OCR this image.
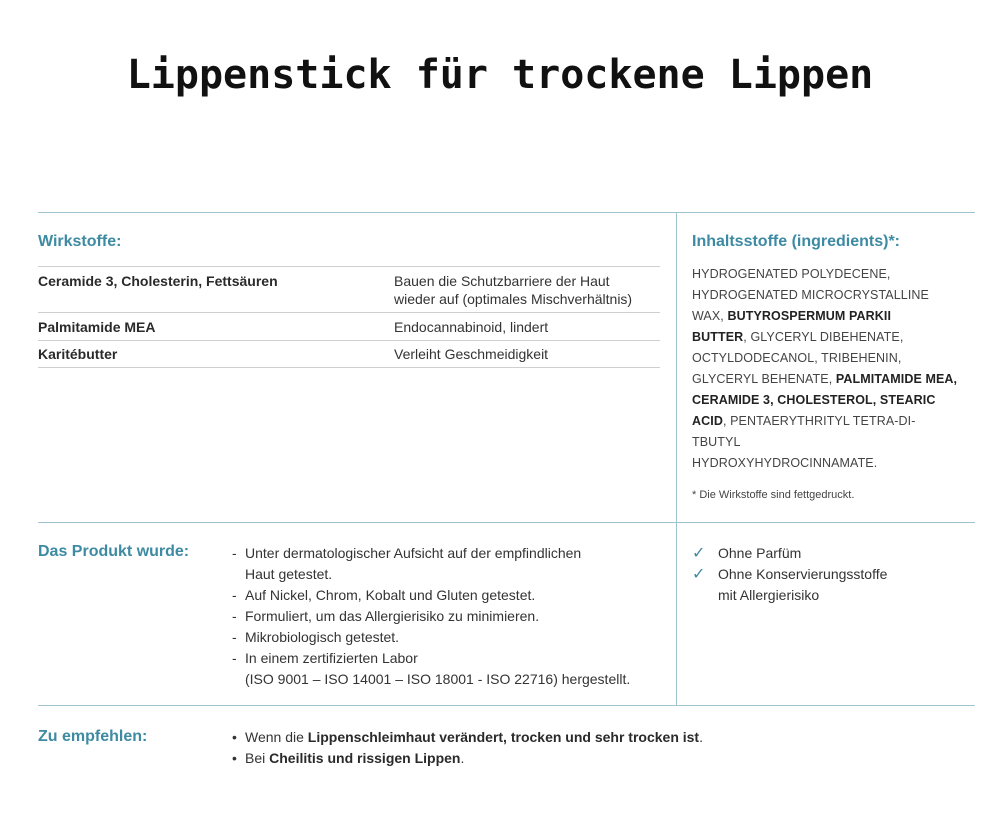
Lippenstick für trockene Lippen
Wirkstoffe:
Ceramide 3, Cholesterin, Fettsäuren	Bauen die Schutzbarriere der Haut
wieder auf (optimales Mischverhältnis)
Palmitamide MEA	Endocannabinoid, lindert
Karitébutter	Verleiht Geschmeidigkeit
Inhaltsstoffe (ingredients)*:
HYDROGENATED POLYDECENE,
HYDROGENATED MICROCRYSTALLINE
WAX, BUTYROSPERMUM PARKII
BUTTER, GLYCERYL DIBEHENATE,
OCTYLDODECANOL, TRIBEHENIN,
GLYCERYL BEHENATE, PALMITAMIDE MEA,
CERAMIDE 3, CHOLESTEROL, STEARIC
ACID, PENTAERYTHRITYL TETRA-DI-TBUTYL
HYDROXYHYDROCINNAMATE.
* Die Wirkstoffe sind fettgedruckt.
Das Produkt wurde:	- Unter dermatologischer Aufsicht auf der empfindlichen
Haut getestet.
- Auf Nickel, Chrom, Kobalt und Gluten getestet.
- Formuliert, um das Allergierisiko zu minimieren.
- Mikrobiologisch getestet.
- In einem zertifizierten Labor
(ISO 9001 – ISO 14001 – ISO 18001 - ISO 22716) hergestellt.
✓ Ohne Parfüm
✓ Ohne Konservierungsstoffe
mit Allergierisiko
Zu empfehlen:	• Wenn die Lippenschleimhaut verändert, trocken und sehr trocken ist.
• Bei Cheilitis und rissigen Lippen.
